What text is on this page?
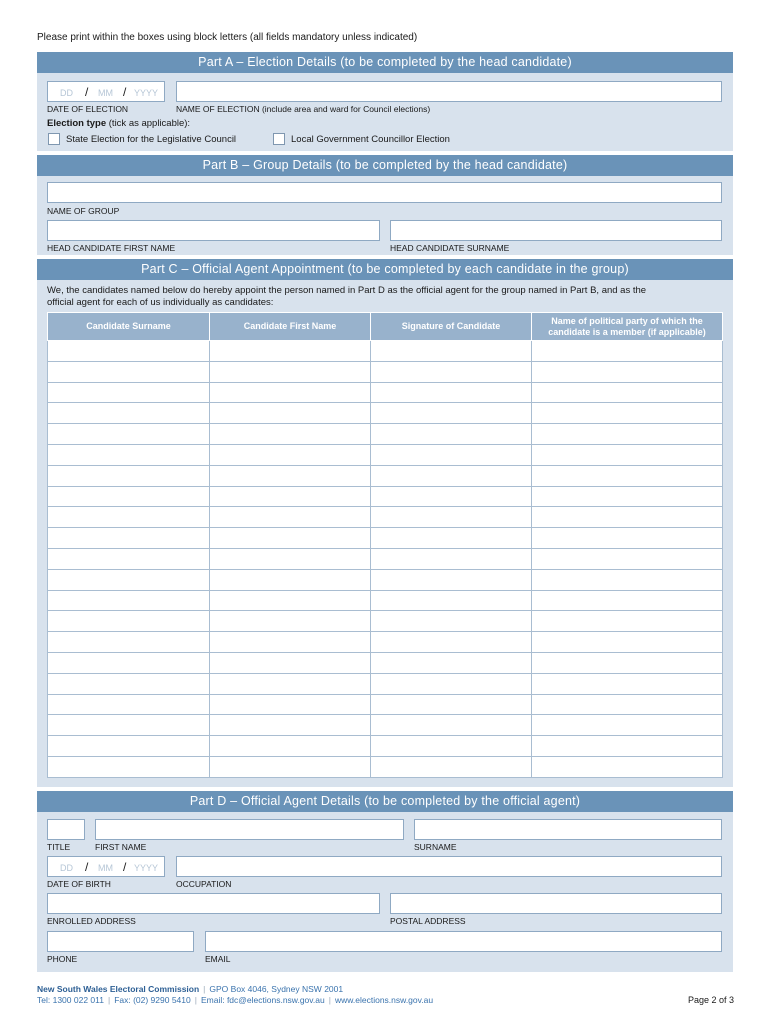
Please print within the boxes using block letters (all fields mandatory unless indicated)
Part A – Election Details (to be completed by the head candidate)
DD / MM / YYYY
DATE OF ELECTION	NAME OF ELECTION (include area and ward for Council elections)
Election type (tick as applicable):
State Election for the Legislative Council	Local Government Councillor Election
Part B – Group Details (to be completed by the head candidate)
NAME OF GROUP
HEAD CANDIDATE FIRST NAME	HEAD CANDIDATE SURNAME
Part C – Official Agent Appointment (to be completed by each candidate in the group)
We, the candidates named below do hereby appoint the person named in Part D as the official agent for the group named in Part B, and as the
official agent for each of us individually as candidates:
Candidate Surname	Candidate First Name	Signature of Candidate	Name of political party of which the candidate is a member (if applicable)

Part D – Official Agent Details (to be completed by the official agent)
TITLE	FIRST NAME	SURNAME
DD / MM / YYYY
DATE OF BIRTH	OCCUPATION
ENROLLED ADDRESS	POSTAL ADDRESS
PHONE	EMAIL
New South Wales Electoral Commission | GPO Box 4046, Sydney NSW 2001
Tel: 1300 022 011 | Fax: (02) 9290 5410 | Email: fdc@elections.nsw.gov.au | www.elections.nsw.gov.au	Page 2 of 3
